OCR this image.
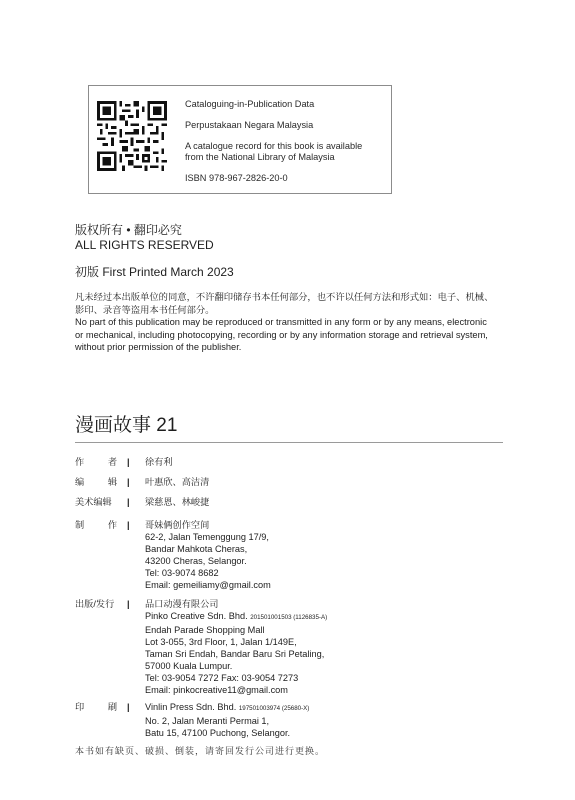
Cataloguing-in-Publication Data
Perpustakaan Negara Malaysia
A catalogue record for this book is available
from the National Library of Malaysia
ISBN 978-967-2826-20-0
版权所有 • 翻印必究
ALL RIGHTS RESERVED
初版 First Printed March 2023
凡未经过本出版单位的同意，不许翻印储存书本任何部分，也不许以任何方法和形式如：电子、机械、
影印、录音等盗用本书任何部分。
No part of this publication may be reproduced or transmitted in any form or by any means, electronic
or mechanical, including photocopying, recording or by any information storage and retrieval system,
without prior permission of the publisher.
漫画故事 21
作	者 | 徐有利
编	辑 | 叶惠欣、高洁清
美术编辑	| 梁慈恩、林峻捷
制	作 | 哥妹俩创作空间
62-2, Jalan Temenggung 17/9,
Bandar Mahkota Cheras,
43200 Cheras, Selangor.
Tel: 03-9074 8682
Email: gemeiliamy@gmail.com
出版/发行	| 品口动漫有限公司
Pinko Creative Sdn. Bhd. 201501001503 (1126835-A)
Endah Parade Shopping Mall
Lot 3-055, 3rd Floor, 1, Jalan 1/149E,
Taman Sri Endah, Bandar Baru Sri Petaling,
57000 Kuala Lumpur.
Tel: 03-9054 7272 Fax: 03-9054 7273
Email: pinkocreative11@gmail.com
印	刷 | Vinlin Press Sdn. Bhd. 197501003974 (25680-X)
No. 2, Jalan Meranti Permai 1,
Batu 15, 47100 Puchong, Selangor.
本书如有缺页、破损、倒装，请寄回发行公司进行更换。
